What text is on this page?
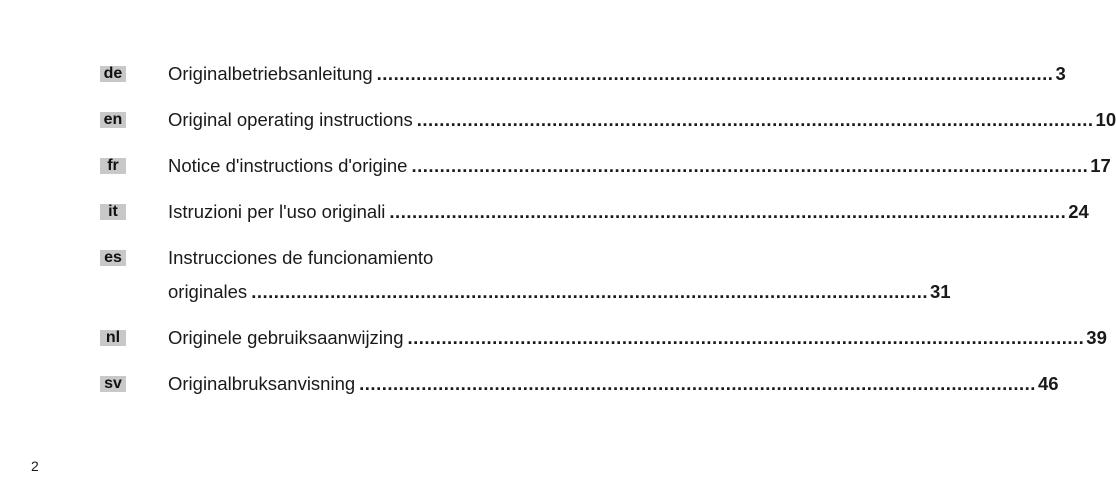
de Originalbetriebsanleitung ........................................................................................................................ 3
en Original operating instructions ........................................................................................................................ 10
fr	Notice d'instructions d'origine ........................................................................................................................ 17
it	Istruzioni per l'uso originali ........................................................................................................................ 24
es Instrucciones de funcionamiento
originales ........................................................................................................................ 31
nl	Originele gebruiksaanwijzing ........................................................................................................................ 39
sv Originalbruksanvisning ........................................................................................................................ 46
2
